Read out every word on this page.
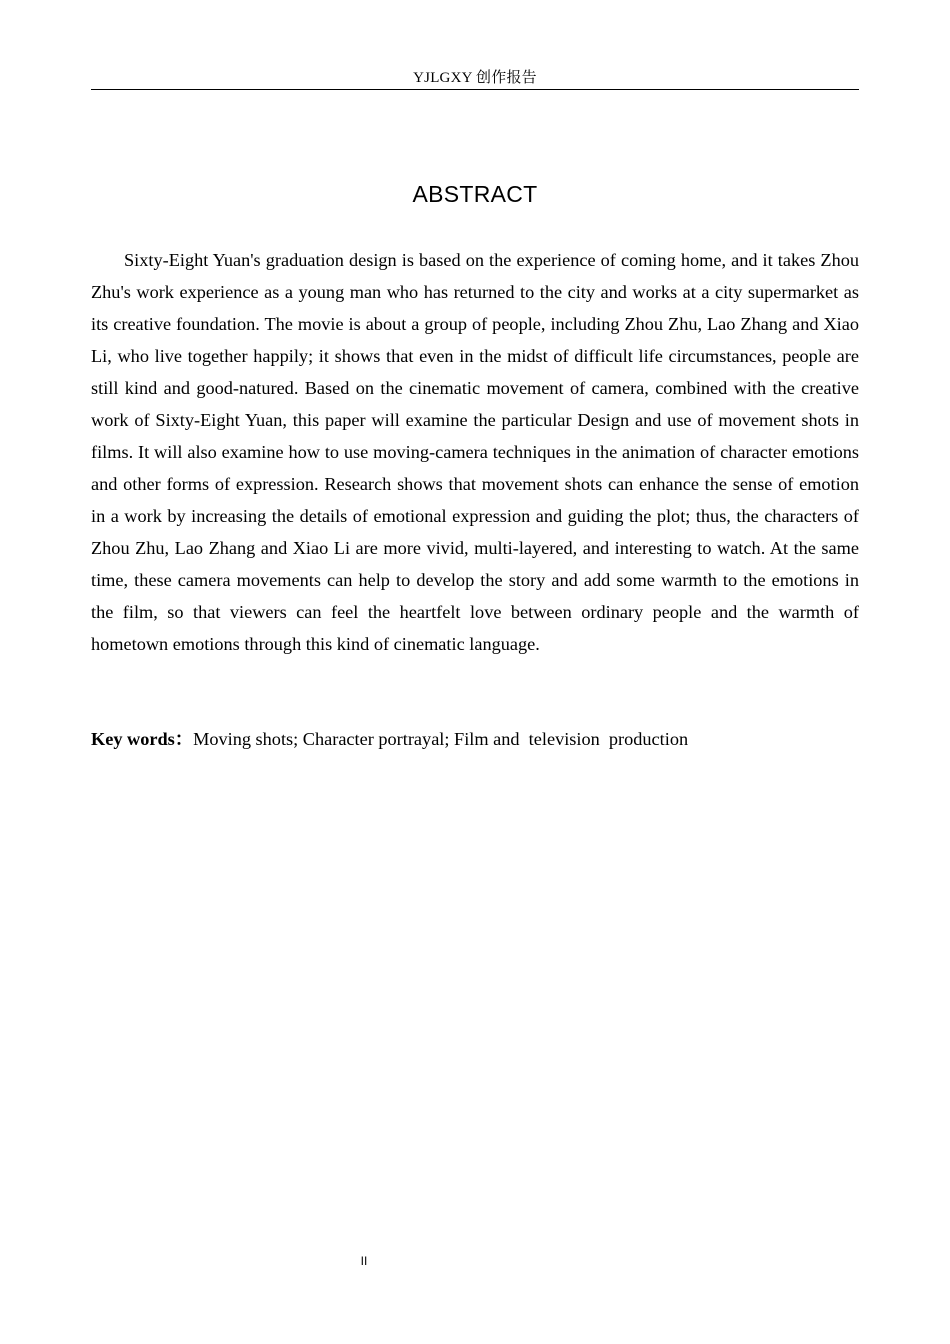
YJLGXY 创作报告
ABSTRACT

Sixty-Eight Yuan's graduation design is based on the experience of coming home, and it takes Zhou Zhu's work experience as a young man who has returned to the city and works at a city supermarket as its creative foundation. The movie is about a group of people, including Zhou Zhu, Lao Zhang and Xiao Li, who live together happily; it shows that even in the midst of difficult life circumstances, people are still kind and good-natured. Based on the cinematic movement of camera, combined with the creative work of Sixty-Eight Yuan, this paper will examine the particular Design and use of movement shots in films. It will also examine how to use moving-camera techniques in the animation of character emotions and other forms of expression. Research shows that movement shots can enhance the sense of emotion in a work by increasing the details of emotional expression and guiding the plot; thus, the characters of Zhou Zhu, Lao Zhang and Xiao Li are more vivid, multi-layered, and interesting to watch. At the same time, these camera movements can help to develop the story and add some warmth to the emotions in the film, so that viewers can feel the heartfelt love between ordinary people and the warmth of hometown emotions through this kind of cinematic language.

Key words：Moving shots; Character portrayal; Film and  television  production

II
